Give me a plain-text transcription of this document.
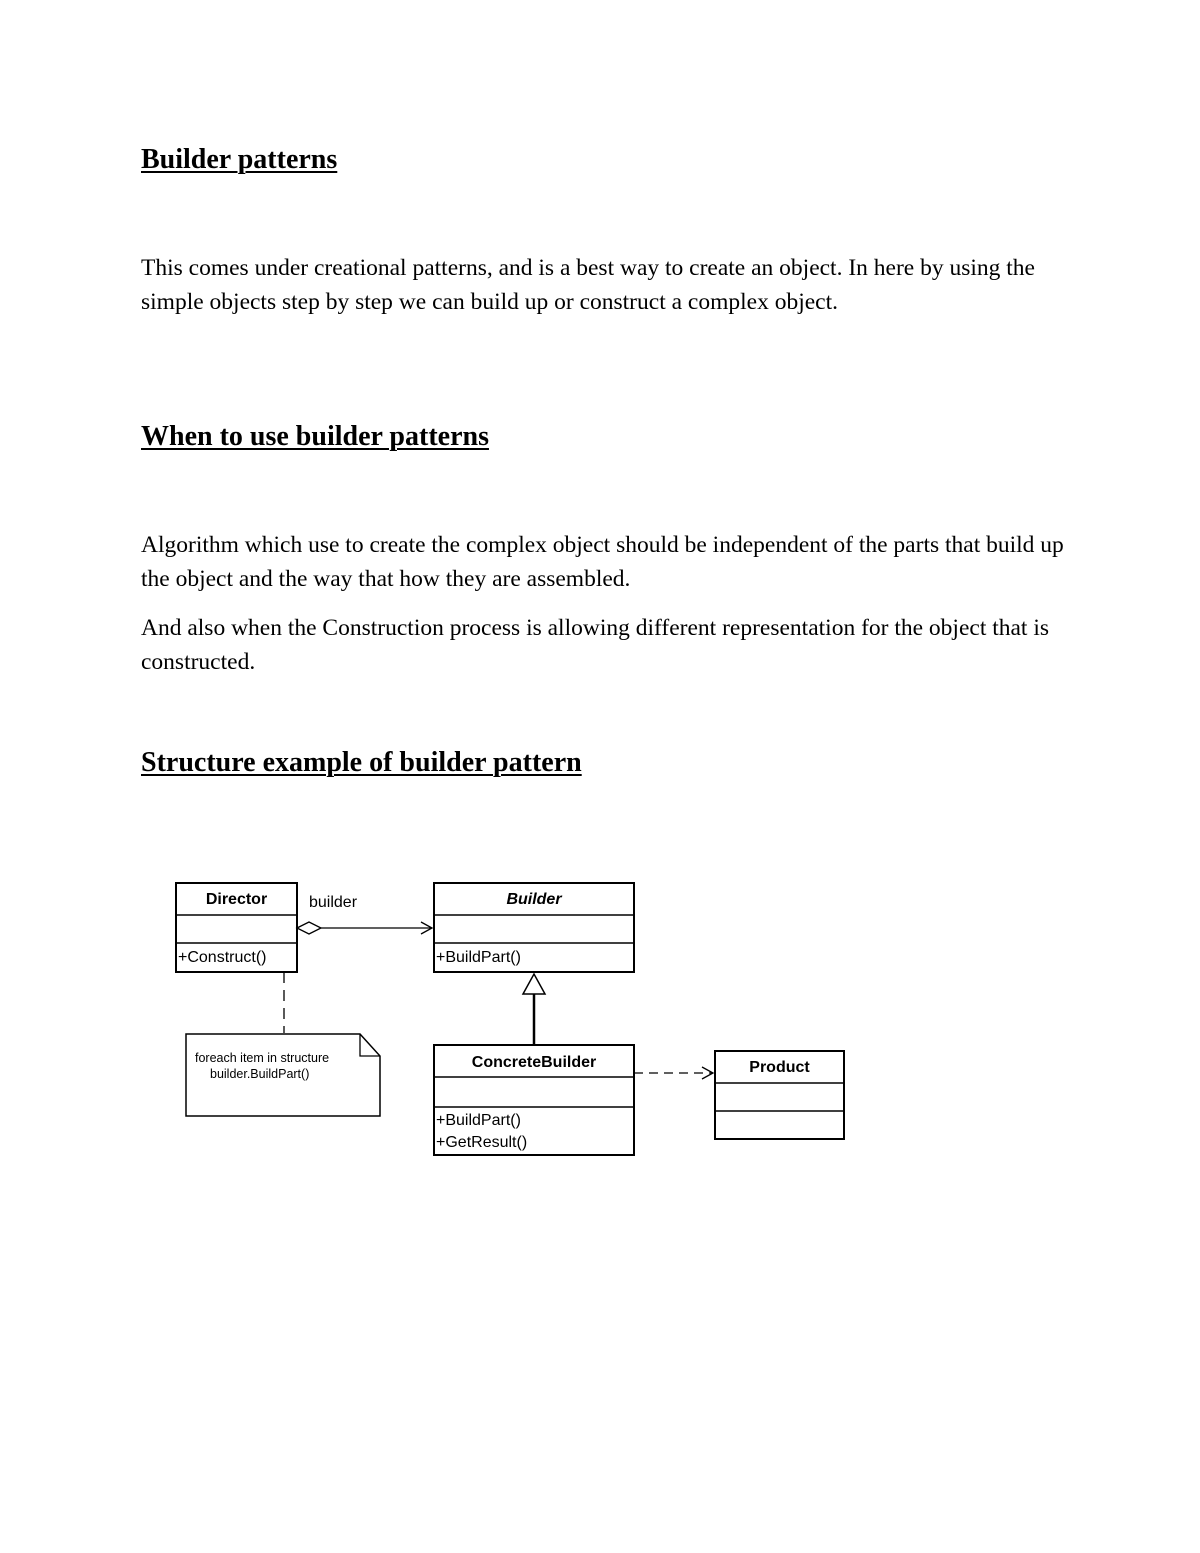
Builder patterns

This comes under creational patterns, and is a best way to create an object. In here by using the simple objects step by step we can build up or construct a complex object.

When to use builder patterns

Algorithm which use to create the complex object should be independent of the parts that build up the object and the way that how they are assembled.

And also when the Construction process is allowing different representation for the object that is constructed.

Structure example of builder pattern
Director
+Construct()
builder	Builder
+BuildPart()
foreach item in structure
builder.BuildPart()
ConcreteBuilder
+BuildPart()
+GetResult()
Product
